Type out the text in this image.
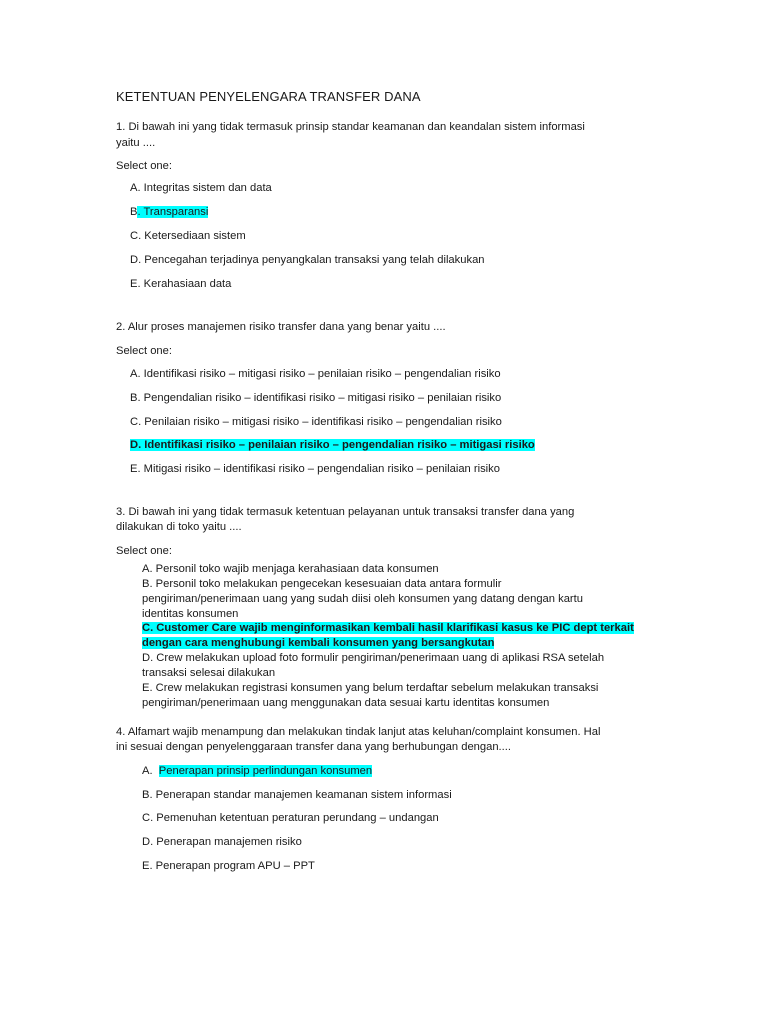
KETENTUAN PENYELENGARA TRANSFER DANA
1. Di bawah ini yang tidak termasuk prinsip standar keamanan dan keandalan sistem informasi
yaitu ....
Select one:
A. Integritas sistem dan data
B. Transparansi
C. Ketersediaan sistem
D. Pencegahan terjadinya penyangkalan transaksi yang telah dilakukan
E. Kerahasiaan data
2. Alur proses manajemen risiko transfer dana yang benar yaitu ....
Select one:
A. Identifikasi risiko – mitigasi risiko – penilaian risiko – pengendalian risiko
B. Pengendalian risiko – identifikasi risiko – mitigasi risiko – penilaian risiko
C. Penilaian risiko – mitigasi risiko – identifikasi risiko – pengendalian risiko
D. Identifikasi risiko – penilaian risiko – pengendalian risiko – mitigasi risiko
E. Mitigasi risiko – identifikasi risiko – pengendalian risiko – penilaian risiko
3. Di bawah ini yang tidak termasuk ketentuan pelayanan untuk transaksi transfer dana yang
dilakukan di toko yaitu ....
Select one:
A. Personil toko wajib menjaga kerahasiaan data konsumen
B. Personil toko melakukan pengecekan kesesuaian data antara formulir
pengiriman/penerimaan uang yang sudah diisi oleh konsumen yang datang dengan kartu
identitas konsumen
C. Customer Care wajib menginformasikan kembali hasil klarifikasi kasus ke PIC dept terkait
dengan cara menghubungi kembali konsumen yang bersangkutan
D. Crew melakukan upload foto formulir pengiriman/penerimaan uang di aplikasi RSA setelah
transaksi selesai dilakukan
E. Crew melakukan registrasi konsumen yang belum terdaftar sebelum melakukan transaksi
pengiriman/penerimaan uang menggunakan data sesuai kartu identitas konsumen
4. Alfamart wajib menampung dan melakukan tindak lanjut atas keluhan/complaint konsumen. Hal
ini sesuai dengan penyelenggaraan transfer dana yang berhubungan dengan....
A.  Penerapan prinsip perlindungan konsumen
B. Penerapan standar manajemen keamanan sistem informasi
C. Pemenuhan ketentuan peraturan perundang – undangan
D. Penerapan manajemen risiko
E. Penerapan program APU – PPT
